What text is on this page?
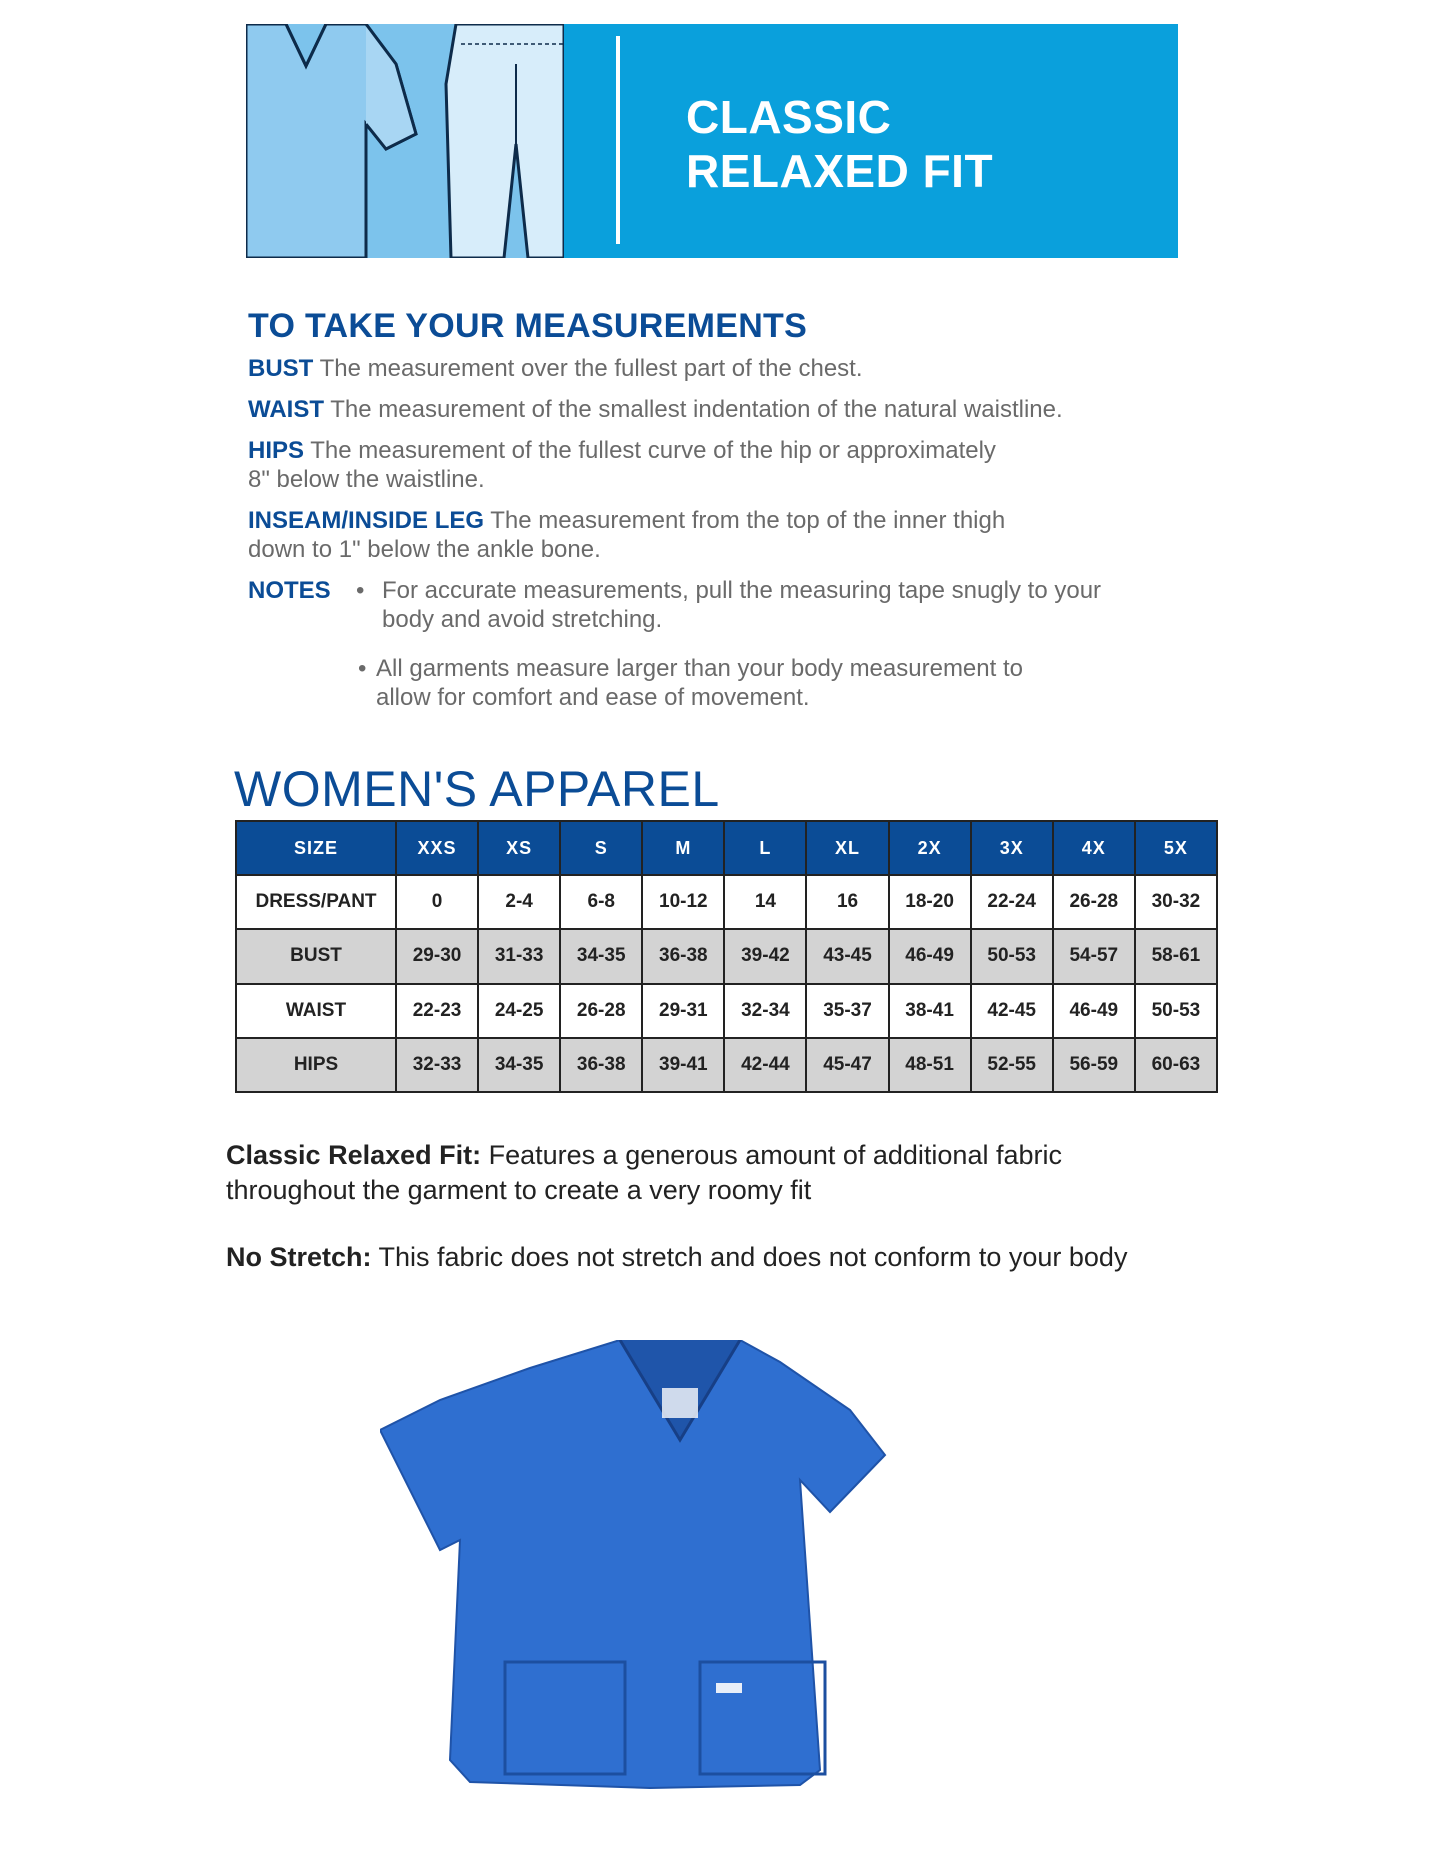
CLASSIC
RELAXED FIT
TO TAKE YOUR MEASUREMENTS
BUST The measurement over the fullest part of the chest.
WAIST The measurement of the smallest indentation of the natural waistline.
HIPS The measurement of the fullest curve of the hip or approximately
8" below the waistline.
INSEAM/INSIDE LEG The measurement from the top of the inner thigh
down to 1" below the ankle bone.
NOTES • For accurate measurements, pull the measuring tape snugly to your
body and avoid stretching.
• All garments measure larger than your body measurement to
allow for comfort and ease of movement.
WOMEN'S APPAREL
SIZE	XXS	XS	S	M	L	XL	2X	3X	4X	5X
DRESS/PANT	0	2-4	6-8	10-12	14	16	18-20	22-24	26-28	30-32
BUST	29-30	31-33	34-35	36-38	39-42	43-45	46-49	50-53	54-57	58-61
WAIST	22-23	24-25	26-28	29-31	32-34	35-37	38-41	42-45	46-49	50-53
HIPS	32-33	34-35	36-38	39-41	42-44	45-47	48-51	52-55	56-59	60-63
Classic Relaxed Fit: Features a generous amount of additional fabric
throughout the garment to create a very roomy fit
No Stretch: This fabric does not stretch and does not conform to your body
